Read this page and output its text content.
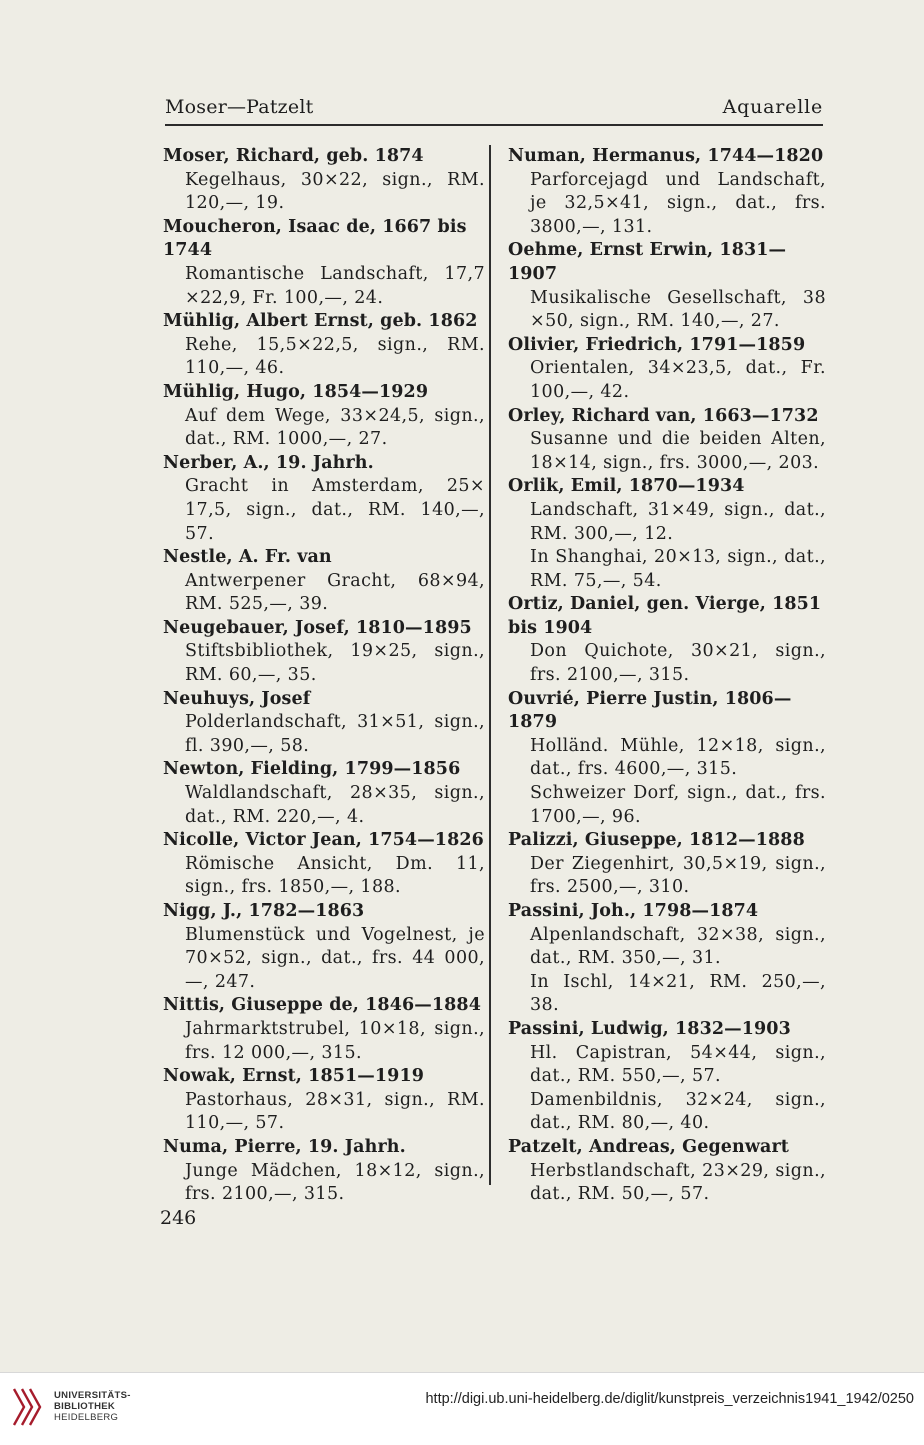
Moser—Patzelt	Aquarelle
Moser, Richard, geb. 1874
Kegelhaus, 30×22, sign., RM. 120,—, 19.
Moucheron, Isaac de, 1667 bis 1744
Romantische Landschaft, 17,7 ×22,9, Fr. 100,—, 24.
Mühlig, Albert Ernst, geb. 1862
Rehe, 15,5×22,5, sign., RM. 110,—, 46.
Mühlig, Hugo, 1854—1929
Auf dem Wege, 33×24,5, sign., dat., RM. 1000,—, 27.
Nerber, A., 19. Jahrh.
Gracht in Amsterdam, 25× 17,5, sign., dat., RM. 140,—, 57.
Nestle, A. Fr. van
Antwerpener Gracht, 68×94, RM. 525,—, 39.
Neugebauer, Josef, 1810—1895
Stiftsbibliothek, 19×25, sign., RM. 60,—, 35.
Neuhuys, Josef
Polderlandschaft, 31×51, sign., fl. 390,—, 58.
Newton, Fielding, 1799—1856
Waldlandschaft, 28×35, sign., dat., RM. 220,—, 4.
Nicolle, Victor Jean, 1754—1826
Römische Ansicht, Dm. 11, sign., frs. 1850,—, 188.
Nigg, J., 1782—1863
Blumenstück und Vogelnest, je 70×52, sign., dat., frs. 44 000,—, 247.
Nittis, Giuseppe de, 1846—1884
Jahrmarktstrubel, 10×18, sign., frs. 12 000,—, 315.
Nowak, Ernst, 1851—1919
Pastorhaus, 28×31, sign., RM. 110,—, 57.
Numa, Pierre, 19. Jahrh.
Junge Mädchen, 18×12, sign., frs. 2100,—, 315.
Numan, Hermanus, 1744—1820
Parforcejagd und Landschaft, je 32,5×41, sign., dat., frs. 3800,—, 131.
Oehme, Ernst Erwin, 1831—1907
Musikalische Gesellschaft, 38 ×50, sign., RM. 140,—, 27.
Olivier, Friedrich, 1791—1859
Orientalen, 34×23,5, dat., Fr. 100,—, 42.
Orley, Richard van, 1663—1732
Susanne und die beiden Alten, 18×14, sign., frs. 3000,—, 203.
Orlik, Emil, 1870—1934
Landschaft, 31×49, sign., dat., RM. 300,—, 12.
In Shanghai, 20×13, sign., dat., RM. 75,—, 54.
Ortiz, Daniel, gen. Vierge, 1851 bis 1904
Don Quichote, 30×21, sign., frs. 2100,—, 315.
Ouvrié, Pierre Justin, 1806—1879
Holländ. Mühle, 12×18, sign., dat., frs. 4600,—, 315.
Schweizer Dorf, sign., dat., frs. 1700,—, 96.
Palizzi, Giuseppe, 1812—1888
Der Ziegenhirt, 30,5×19, sign., frs. 2500,—, 310.
Passini, Joh., 1798—1874
Alpenlandschaft, 32×38, sign., dat., RM. 350,—, 31.
In Ischl, 14×21, RM. 250,—, 38.
Passini, Ludwig, 1832—1903
Hl. Capistran, 54×44, sign., dat., RM. 550,—, 57.
Damenbildnis, 32×24, sign., dat., RM. 80,—, 40.
Patzelt, Andreas, Gegenwart
Herbstlandschaft, 23×29, sign., dat., RM. 50,—, 57.
246
UNIVERSITÄTS-
BIBLIOTHEK
HEIDELBERG
http://digi.ub.uni-heidelberg.de/diglit/kunstpreis_verzeichnis1941_1942/0250
